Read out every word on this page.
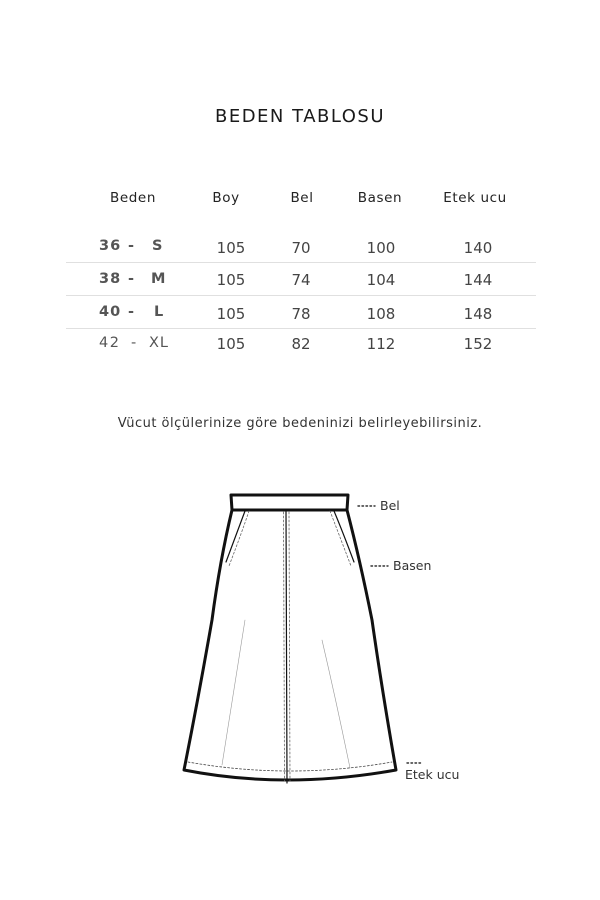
BEDEN TABLOSU
Beden	Boy	Bel	Basen	Etek ucu
36 - S	105	70	100	140
38 - M	105	74	104	144
40 - L	105	78	108	148
42 - XL	105	82	112	152
Vücut ölçülerinize göre bedeninizi belirleyebilirsiniz.
Bel
Basen
Etek ucu
